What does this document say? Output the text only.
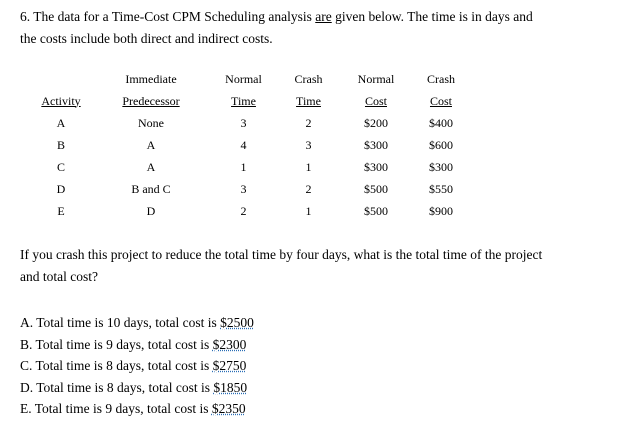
6. The data for a Time-Cost CPM Scheduling analysis are given below. The time is in days and
the costs include both direct and indirect costs.
	Immediate	Normal	Crash	Normal	Crash
Activity	Predecessor	Time	Time	Cost	Cost
A	None	3	2	$200	$400
B	A	4	3	$300	$600
C	A	1	1	$300	$300
D	B and C	3	2	$500	$550
E	D	2	1	$500	$900
If you crash this project to reduce the total time by four days, what is the total time of the project
and total cost?
A. Total time is 10 days, total cost is $2500
B. Total time is 9 days, total cost is $2300
C. Total time is 8 days, total cost is $2750
D. Total time is 8 days, total cost is $1850
E. Total time is 9 days, total cost is $2350
